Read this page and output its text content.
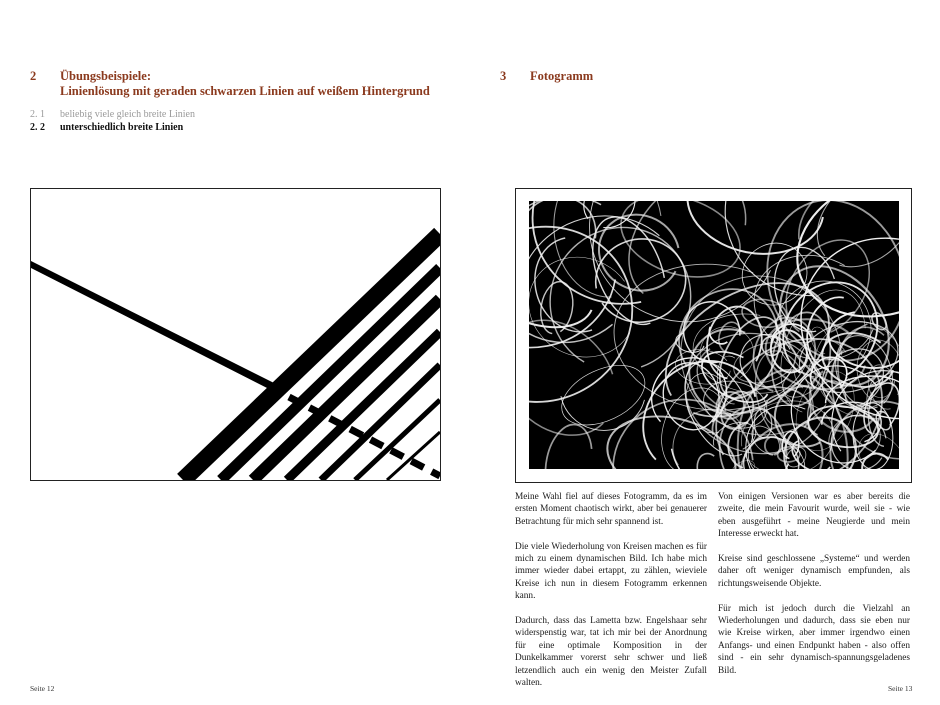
2 Übungsbeispiele:
Linienlösung mit geraden schwarzen Linien auf weißem Hintergrund
2. 1 beliebig viele gleich breite Linien
2. 2 unterschiedlich breite Linien
Seite 12
3 Fotogramm

Meine Wahl fiel auf dieses Fotogramm, da es im ersten Moment chaotisch wirkt, aber bei genauerer Betrachtung für mich sehr spannend ist.

Die viele Wiederholung von Kreisen machen es für mich zu einem dynamischen Bild. Ich habe mich immer wieder dabei ertappt, zu zählen, wieviele Kreise ich nun in diesem Fotogramm erkennen kann.

Dadurch, dass das Lametta bzw. Engelshaar sehr widerspenstig war, tat ich mir bei der Anordnung für eine optimale Komposition in der Dunkelkammer vorerst sehr schwer und ließ letzendlich auch ein wenig den Meister Zufall walten.

Von einigen Versionen war es aber bereits die zweite, die mein Favourit wurde, weil sie - wie eben ausgeführt - meine Neugierde und mein Interesse erweckt hat.

Kreise sind geschlossene „Systeme“ und werden daher oft weniger dynamisch empfunden, als richtungsweisende Objekte.

Für mich ist jedoch durch die Vielzahl an Wiederholungen und dadurch, dass sie eben nur wie Kreise wirken, aber immer irgendwo einen Anfangs- und einen Endpunkt haben - also offen sind - ein sehr dynamisch-spannungsgeladenes Bild.

Seite 13
